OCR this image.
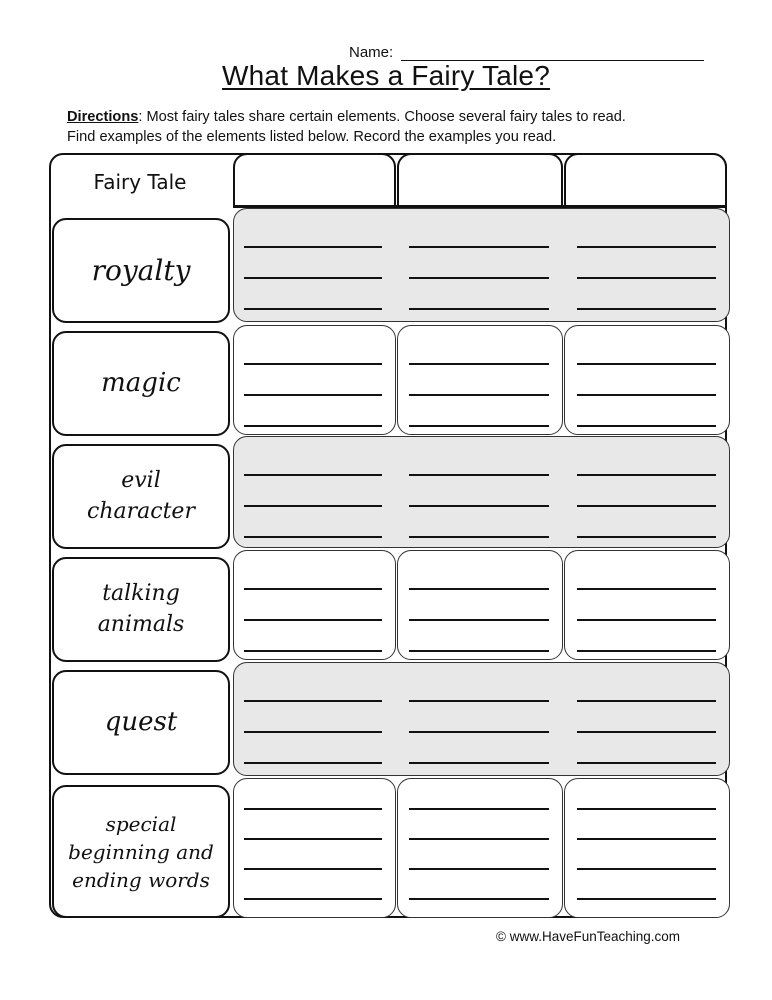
Name:
What Makes a Fairy Tale?
Directions: Most fairy tales share certain elements. Choose several fairy tales to read.
Find examples of the elements listed below. Record the examples you read.
Fairy Tale
royalty
magic
evil
character
talking
animals
quest
special
beginning and
ending words
© www.HaveFunTeaching.com
